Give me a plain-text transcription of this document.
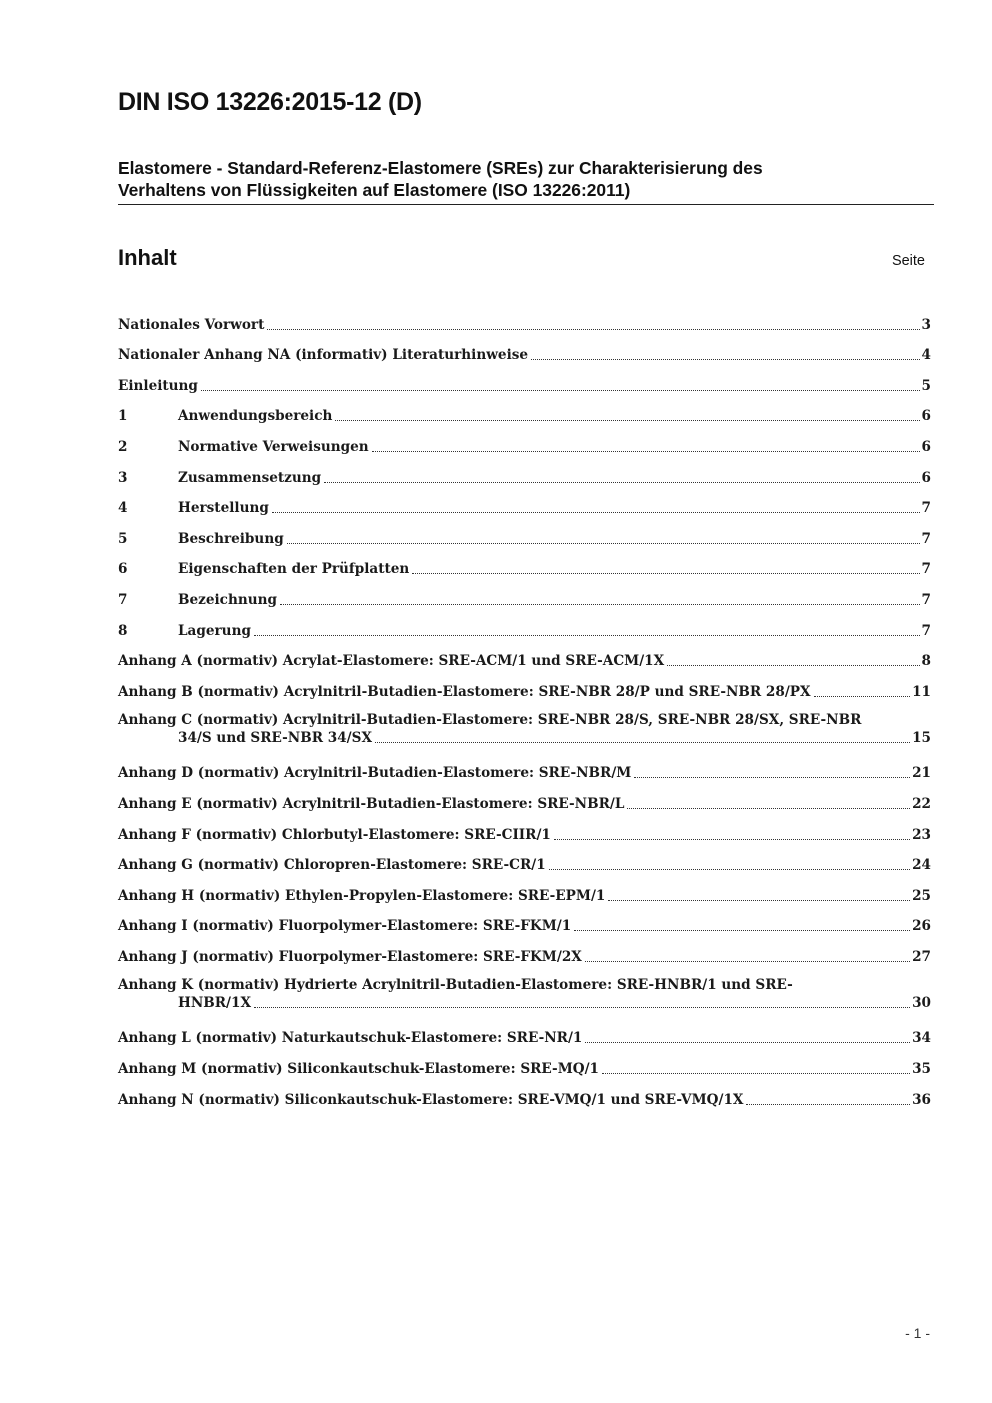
DIN ISO 13226:2015-12 (D)
Elastomere - Standard-Referenz-Elastomere (SREs) zur Charakterisierung des
Verhaltens von Flüssigkeiten auf Elastomere (ISO 13226:2011)
Inhalt	Seite
Nationales Vorwort	3
Nationaler Anhang NA (informativ) Literaturhinweise	4
Einleitung	5
1	Anwendungsbereich	6
2	Normative Verweisungen	6
3	Zusammensetzung	6
4	Herstellung	7
5	Beschreibung	7
6	Eigenschaften der Prüfplatten	7
7	Bezeichnung	7
8	Lagerung	7
Anhang A (normativ) Acrylat-Elastomere: SRE-ACM/1 und SRE-ACM/1X	8
Anhang B (normativ) Acrylnitril-Butadien-Elastomere: SRE-NBR 28/P und SRE-NBR 28/PX	11
Anhang C (normativ) Acrylnitril-Butadien-Elastomere: SRE-NBR 28/S, SRE-NBR 28/SX, SRE-NBR
34/S und SRE-NBR 34/SX	15
Anhang D (normativ) Acrylnitril-Butadien-Elastomere: SRE-NBR/M	21
Anhang E (normativ) Acrylnitril-Butadien-Elastomere: SRE-NBR/L	22
Anhang F (normativ) Chlorbutyl-Elastomere: SRE-CIIR/1	23
Anhang G (normativ) Chloropren-Elastomere: SRE-CR/1	24
Anhang H (normativ) Ethylen-Propylen-Elastomere: SRE-EPM/1	25
Anhang I (normativ) Fluorpolymer-Elastomere: SRE-FKM/1	26
Anhang J (normativ) Fluorpolymer-Elastomere: SRE-FKM/2X	27
Anhang K (normativ) Hydrierte Acrylnitril-Butadien-Elastomere: SRE-HNBR/1 und SRE-
HNBR/1X	30
Anhang L (normativ) Naturkautschuk-Elastomere: SRE-NR/1	34
Anhang M (normativ) Siliconkautschuk-Elastomere: SRE-MQ/1	35
Anhang N (normativ) Siliconkautschuk-Elastomere: SRE-VMQ/1 und SRE-VMQ/1X	36
- 1 -
